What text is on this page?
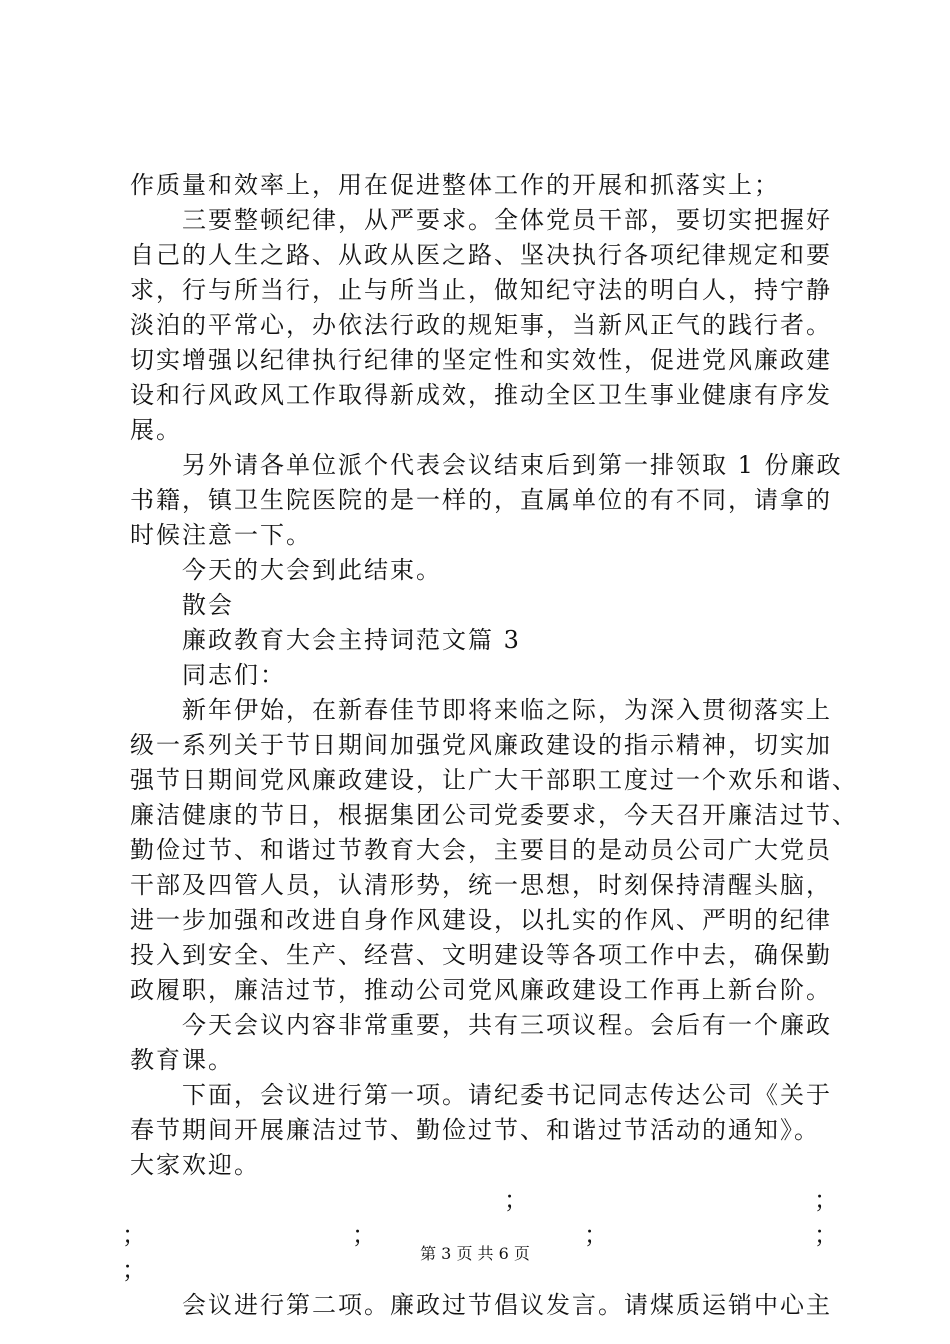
作质量和效率上，用在促进整体工作的开展和抓落实上；
　　三要整顿纪律，从严要求。全体党员干部，要切实把握好
自己的人生之路、从政从医之路、坚决执行各项纪律规定和要
求，行与所当行，止与所当止，做知纪守法的明白人，持宁静
淡泊的平常心，办依法行政的规矩事，当新风正气的践行者。
切实增强以纪律执行纪律的坚定性和实效性，促进党风廉政建
设和行风政风工作取得新成效，推动全区卫生事业健康有序发
展。
　　另外请各单位派个代表会议结束后到第一排领取 1 份廉政
书籍，镇卫生院医院的是一样的，直属单位的有不同，请拿的
时候注意一下。
　　今天的大会到此结束。
　　散会
　　廉政教育大会主持词范文篇 3
　　同志们：
　　新年伊始，在新春佳节即将来临之际，为深入贯彻落实上
级一系列关于节日期间加强党风廉政建设的指示精神，切实加
强节日期间党风廉政建设，让广大干部职工度过一个欢乐和谐、
廉洁健康的节日，根据集团公司党委要求，今天召开廉洁过节、
勤俭过节、和谐过节教育大会，主要目的是动员公司广大党员
干部及四管人员，认清形势，统一思想，时刻保持清醒头脑，
进一步加强和改进自身作风建设，以扎实的作风、严明的纪律
投入到安全、生产、经营、文明建设等各项工作中去，确保勤
政履职，廉洁过节，推动公司党风廉政建设工作再上新台阶。
　　今天会议内容非常重要，共有三项议程。会后有一个廉政
教育课。
　　下面，会议进行第一项。请纪委书记同志传达公司《关于
春节期间开展廉洁过节、勤俭过节、和谐过节活动的通知》。
大家欢迎。
；	；
；	；	；	；
；
　　会议进行第二项。廉政过节倡议发言。请煤质运销中心主
第 3 页 共 6 页
